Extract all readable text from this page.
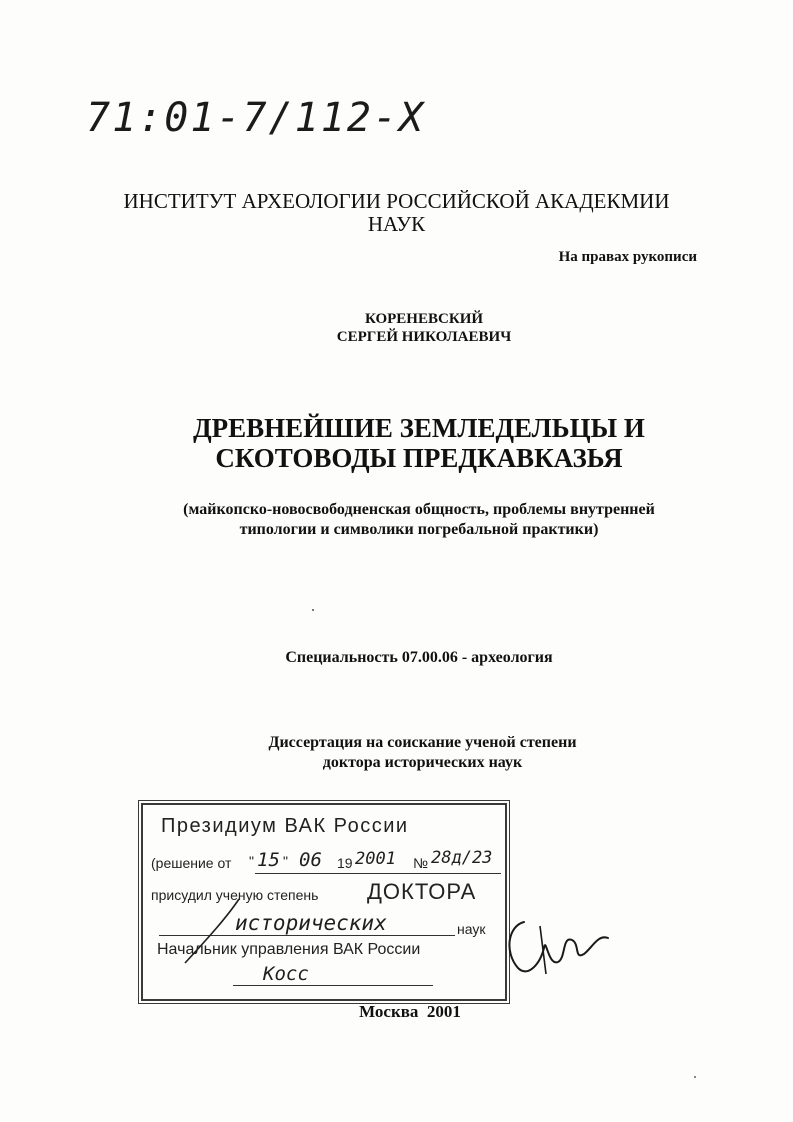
71:01-7/112-X
ИНСТИТУТ АРХЕОЛОГИИ РОССИЙСКОЙ АКАДЕКМИИ
НАУК
На правах рукописи
КОРЕНЕВСКИЙ
СЕРГЕЙ НИКОЛАЕВИЧ
ДРЕВНЕЙШИЕ ЗЕМЛЕДЕЛЬЦЫ И
СКОТОВОДЫ ПРЕДКАВКАЗЬЯ
(майкопско-новосвободненская общность, проблемы внутренней
типологии и символики погребальной практики)
Специальность 07.00.06 - археология
Диссертация на соискание ученой степени
доктора исторических наук
Президиум ВАК России
(решение от " 15 " 06 19 2001 № 28д/23
присудил ученую степень ДОКТОРА
исторических	наук
Начальник управления ВАК России
Косс
Москва  2001
